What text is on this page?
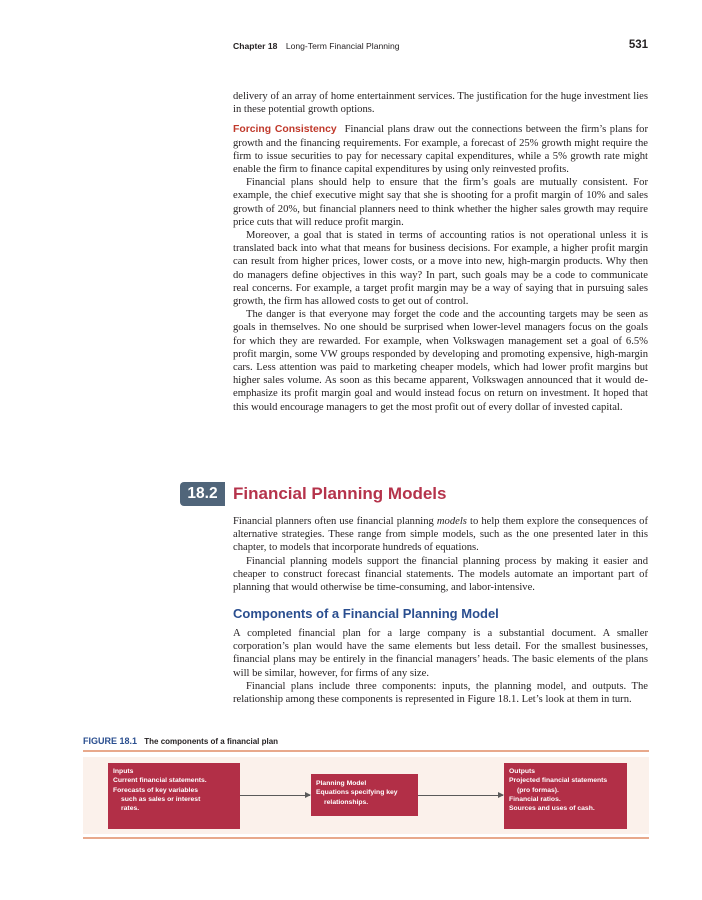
Chapter 18 Long-Term Financial Planning	531

delivery of an array of home entertainment services. The justification for the huge investment lies in these potential growth options.

Forcing Consistency Financial plans draw out the connections between the firm’s plans for growth and the financing requirements. For example, a forecast of 25% growth might require the firm to issue securities to pay for necessary capital expenditures, while a 5% growth rate might enable the firm to finance capital expenditures by using only reinvested profits.

Financial plans should help to ensure that the firm’s goals are mutually consistent. For example, the chief executive might say that she is shooting for a profit margin of 10% and sales growth of 20%, but financial planners need to think whether the higher sales growth may require price cuts that will reduce profit margin.

Moreover, a goal that is stated in terms of accounting ratios is not operational unless it is translated back into what that means for business decisions. For example, a higher profit margin can result from higher prices, lower costs, or a move into new, high-margin products. Why then do managers define objectives in this way? In part, such goals may be a code to communicate real concerns. For example, a target profit margin may be a way of saying that in pursuing sales growth, the firm has allowed costs to get out of control.

The danger is that everyone may forget the code and the accounting targets may be seen as goals in themselves. No one should be surprised when lower-level managers focus on the goals for which they are rewarded. For example, when Volkswagen management set a goal of 6.5% profit margin, some VW groups responded by developing and promoting expensive, high-margin cars. Less attention was paid to marketing cheaper models, which had lower profit margins but higher sales volume. As soon as this became apparent, Volkswagen announced that it would de-emphasize its profit margin goal and would instead focus on return on investment. It hoped that this would encourage managers to get the most profit out of every dollar of invested capital.

18.2 Financial Planning Models

Financial planners often use financial planning models to help them explore the consequences of alternative strategies. These range from simple models, such as the one presented later in this chapter, to models that incorporate hundreds of equations.

Financial planning models support the financial planning process by making it easier and cheaper to construct forecast financial statements. The models automate an important part of planning that would otherwise be time-consuming, and labor-intensive.

Components of a Financial Planning Model

A completed financial plan for a large company is a substantial document. A smaller corporation’s plan would have the same elements but less detail. For the smallest businesses, financial plans may be entirely in the financial managers’ heads. The basic elements of the plans will be similar, however, for firms of any size.

Financial plans include three components: inputs, the planning model, and outputs. The relationship among these components is represented in Figure 18.1. Let’s look at them in turn.

FIGURE 18.1 The components of a financial plan
Inputs
Current financial statements.
Forecasts of key variables
such as sales or interest
rates.
Planning Model
Equations specifying key
relationships.
Outputs
Projected financial statements
(pro formas).
Financial ratios.
Sources and uses of cash.
